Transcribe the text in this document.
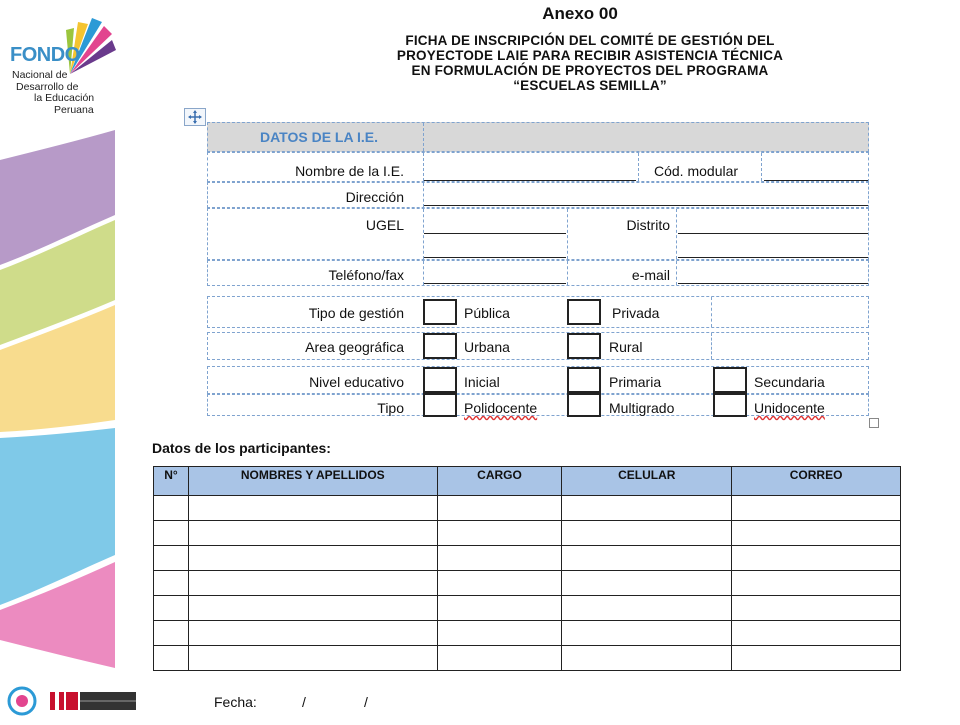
FONDO
Nacional de
Desarrollo de
la Educación
Peruana
Anexo 00
FICHA DE INSCRIPCIÓN DEL COMITÉ DE GESTIÓN DEL
PROYECTODE LAIE PARA RECIBIR ASISTENCIA TÉCNICA
EN FORMULACIÓN DE PROYECTOS DEL PROGRAMA
“ESCUELAS SEMILLA”
DATOS DE LA I.E.
Nombre de la I.E.	Cód. modular
Dirección
UGEL	Distrito
Teléfono/fax	e-mail
Tipo de gestión	Pública	Privada
Area geográfica	Urbana	Rural
Nivel educativo	Inicial	Primaria	Secundaria
Tipo	Polidocente	Multigrado	Unidocente
Datos de los participantes:
N°	NOMBRES Y APELLIDOS	CARGO	CELULAR	CORREO

Fecha:	/	/
